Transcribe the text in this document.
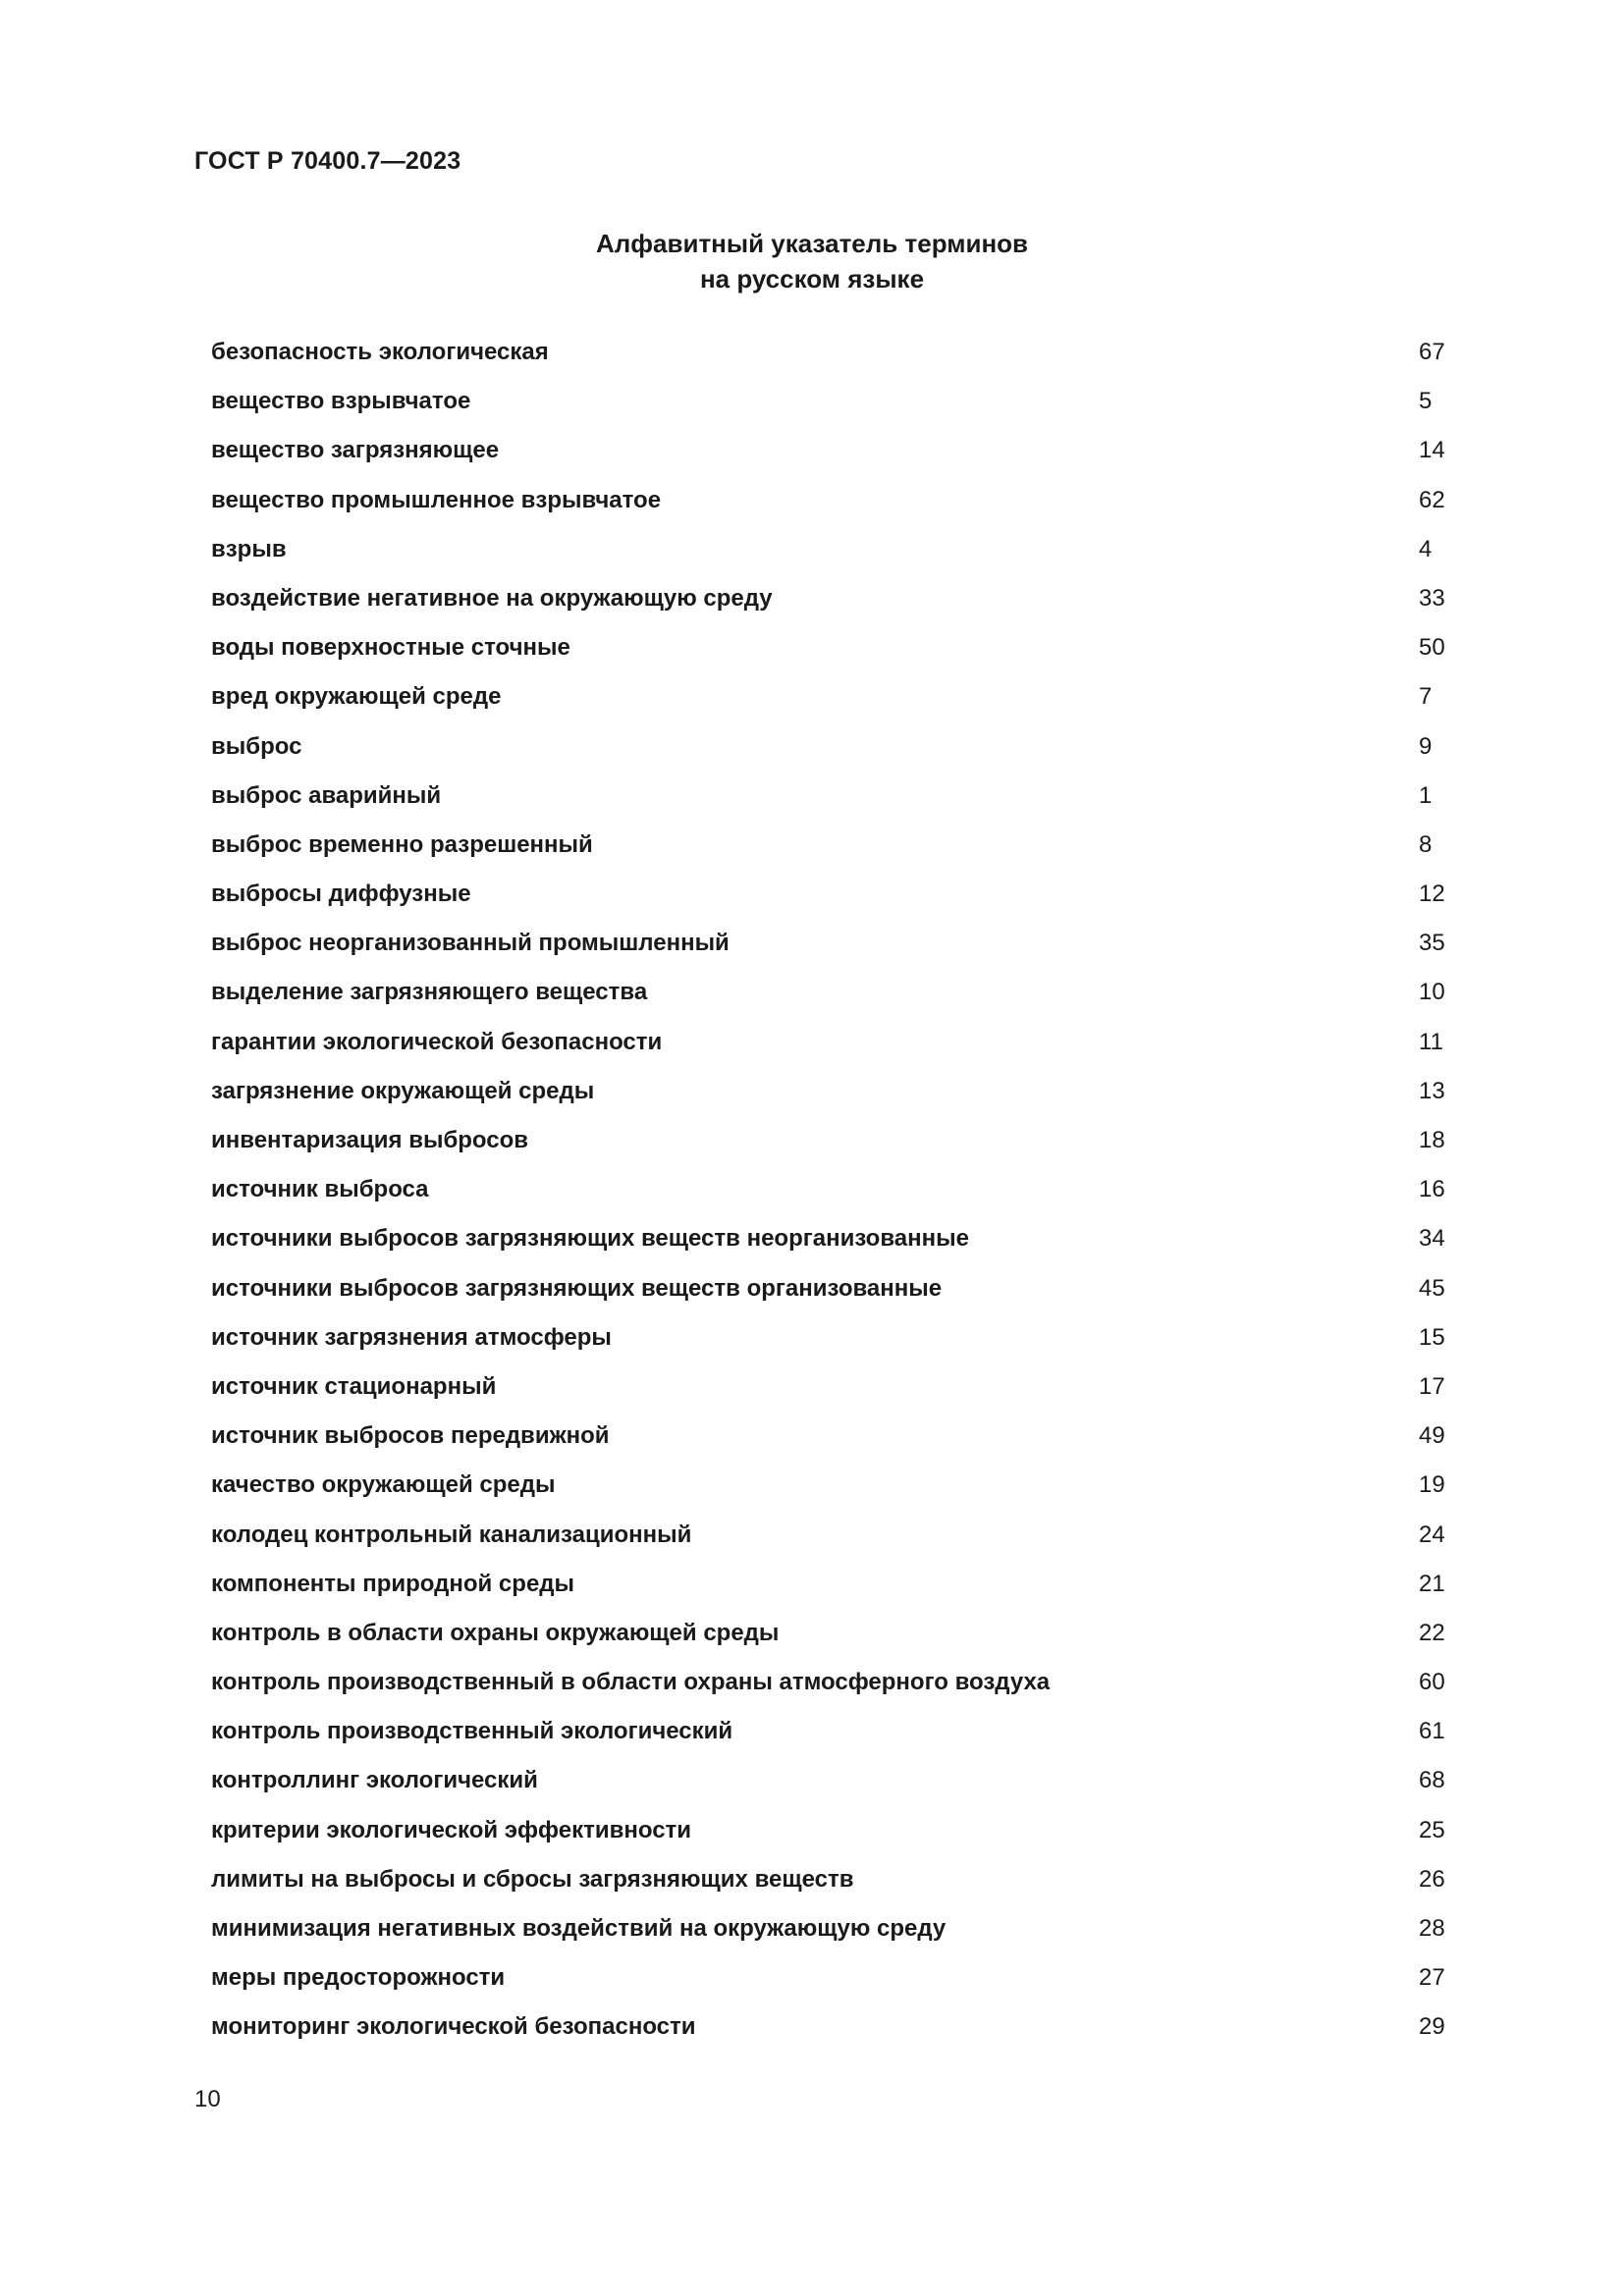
ГОСТ Р 70400.7—2023
Алфавитный указатель терминов
на русском языке
безопасность экологическая	67
вещество взрывчатое	5
вещество загрязняющее	14
вещество промышленное взрывчатое	62
взрыв	4
воздействие негативное на окружающую среду	33
воды поверхностные сточные	50
вред окружающей среде	7
выброс	9
выброс аварийный	1
выброс временно разрешенный	8
выбросы диффузные	12
выброс неорганизованный промышленный	35
выделение загрязняющего вещества	10
гарантии экологической безопасности	11
загрязнение окружающей среды	13
инвентаризация выбросов	18
источник выброса	16
источники выбросов загрязняющих веществ неорганизованные	34
источники выбросов загрязняющих веществ организованные	45
источник загрязнения атмосферы	15
источник стационарный	17
источник выбросов передвижной	49
качество окружающей среды	19
колодец контрольный канализационный	24
компоненты природной среды	21
контроль в области охраны окружающей среды	22
контроль производственный в области охраны атмосферного воздуха	60
контроль производственный экологический	61
контроллинг экологический	68
критерии экологической эффективности	25
лимиты на выбросы и сбросы загрязняющих веществ	26
минимизация негативных воздействий на окружающую среду	28
меры предосторожности	27
мониторинг экологической безопасности	29
10
